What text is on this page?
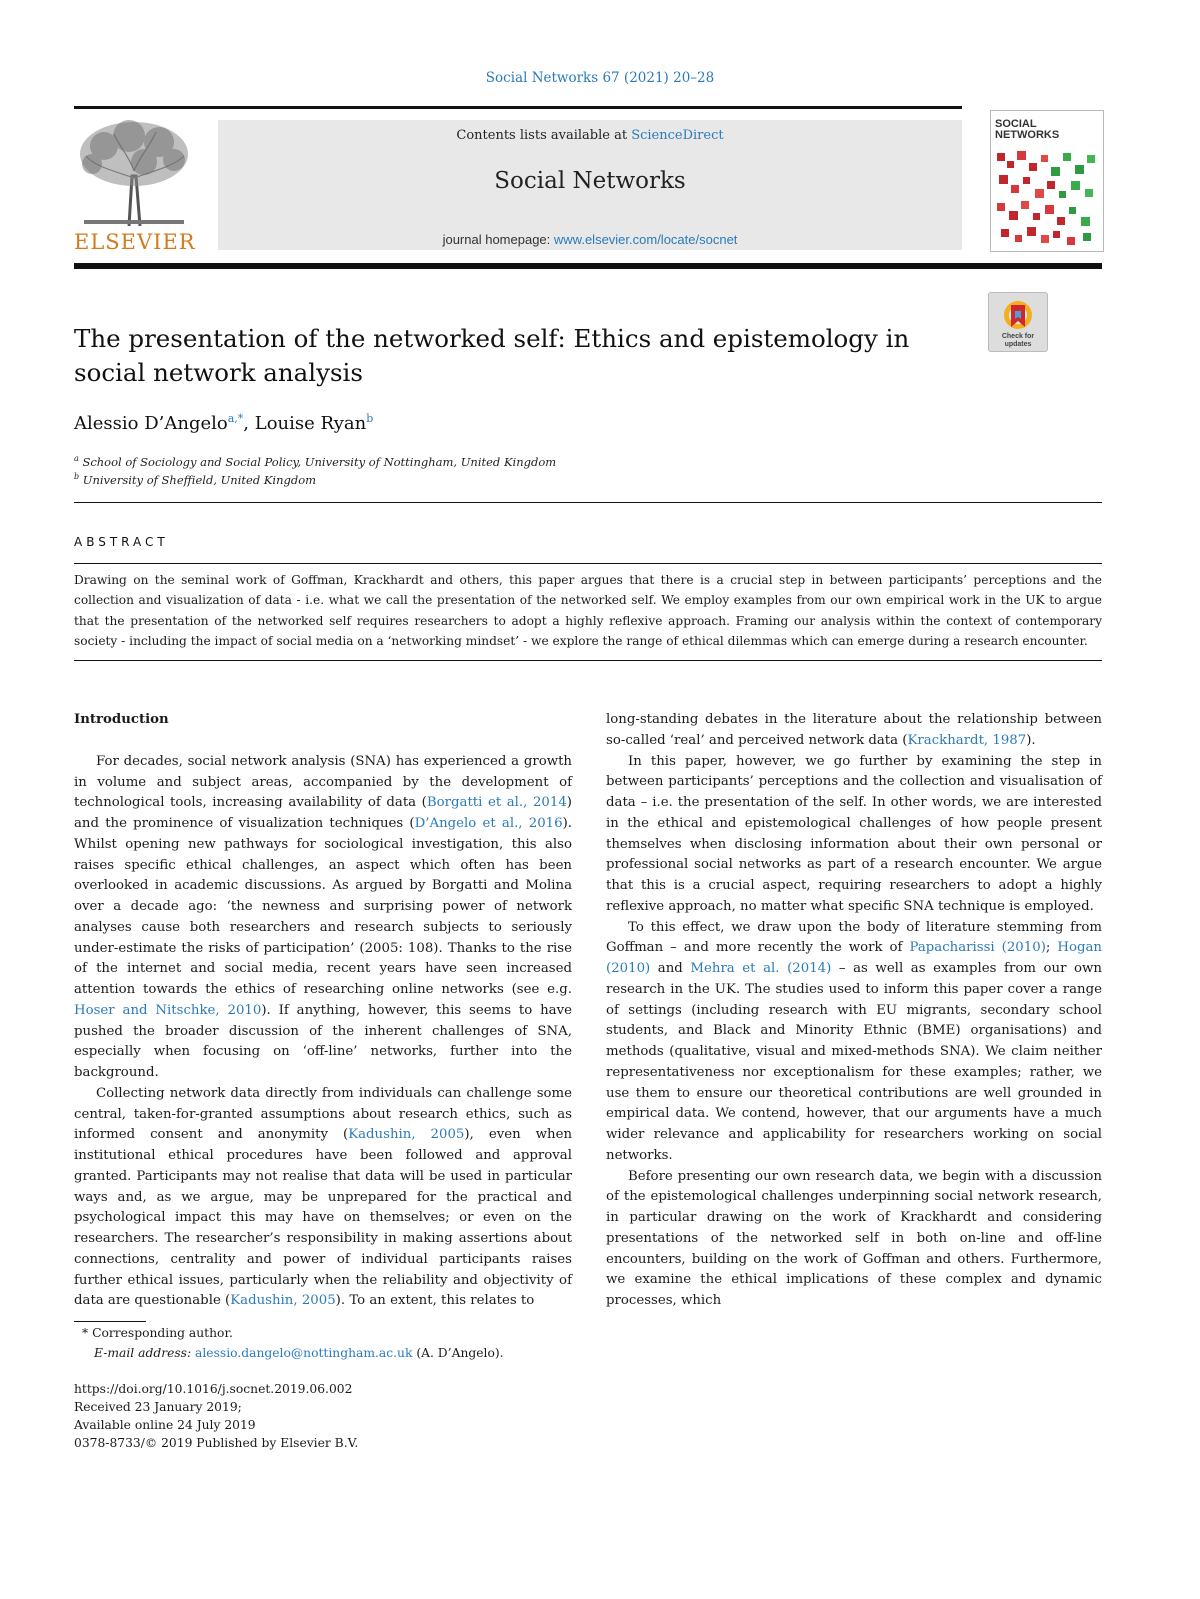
Social Networks 67 (2021) 20–28
ELSEVIER
Contents lists available at ScienceDirect
Social Networks
journal homepage: www.elsevier.com/locate/socnet
SOCIAL
NETWORKS
Check for updates
The presentation of the networked self: Ethics and epistemology in social network analysis
Alessio D’Angelo$^{a,*}$, Louise Ryan$^b$
$^a$ School of Sociology and Social Policy, University of Nottingham, United Kingdom
$^b$ University of Sheffield, United Kingdom
ABSTRACT
Drawing on the seminal work of Goffman, Krackhardt and others, this paper argues that there is a crucial step in between participants’ perceptions and the collection and visualization of data - i.e. what we call the presentation of the networked self. We employ examples from our own empirical work in the UK to argue that the presentation of the networked self requires researchers to adopt a highly reflexive approach. Framing our analysis within the context of contemporary society - including the impact of social media on a ‘networking mindset’ - we explore the range of ethical dilemmas which can emerge during a research encounter.
Introduction

For decades, social network analysis (SNA) has experienced a growth in volume and subject areas, accompanied by the development of technological tools, increasing availability of data (Borgatti et al., 2014) and the prominence of visualization techniques (D’Angelo et al., 2016). Whilst opening new pathways for sociological investigation, this also raises specific ethical challenges, an aspect which often has been overlooked in academic discussions. As argued by Borgatti and Molina over a decade ago: ‘the newness and surprising power of network analyses cause both researchers and research subjects to seriously under-estimate the risks of participation’ (2005: 108). Thanks to the rise of the internet and social media, recent years have seen increased attention towards the ethics of researching online networks (see e.g. Hoser and Nitschke, 2010). If anything, however, this seems to have pushed the broader discussion of the inherent challenges of SNA, especially when focusing on ‘off-line’ networks, further into the background.

Collecting network data directly from individuals can challenge some central, taken-for-granted assumptions about research ethics, such as informed consent and anonymity (Kadushin, 2005), even when institutional ethical procedures have been followed and approval granted. Participants may not realise that data will be used in particular ways and, as we argue, may be unprepared for the practical and psychological impact this may have on themselves; or even on the researchers. The researcher’s responsibility in making assertions about connections, centrality and power of individual participants raises further ethical issues, particularly when the reliability and objectivity of data are questionable (Kadushin, 2005). To an extent, this relates to

long-standing debates in the literature about the relationship between so-called ‘real’ and perceived network data (Krackhardt, 1987).

In this paper, however, we go further by examining the step in between participants’ perceptions and the collection and visualisation of data – i.e. the presentation of the self. In other words, we are interested in the ethical and epistemological challenges of how people present themselves when disclosing information about their own personal or professional social networks as part of a research encounter. We argue that this is a crucial aspect, requiring researchers to adopt a highly reflexive approach, no matter what specific SNA technique is employed.

To this effect, we draw upon the body of literature stemming from Goffman – and more recently the work of Papacharissi (2010); Hogan (2010) and Mehra et al. (2014) – as well as examples from our own research in the UK. The studies used to inform this paper cover a range of settings (including research with EU migrants, secondary school students, and Black and Minority Ethnic (BME) organisations) and methods (qualitative, visual and mixed-methods SNA). We claim neither representativeness nor exceptionalism for these examples; rather, we use them to ensure our theoretical contributions are well grounded in empirical data. We contend, however, that our arguments have a much wider relevance and applicability for researchers working on social networks.

Before presenting our own research data, we begin with a discussion of the epistemological challenges underpinning social network research, in particular drawing on the work of Krackhardt and considering presentations of the networked self in both on-line and off-line encounters, building on the work of Goffman and others. Furthermore, we examine the ethical implications of these complex and dynamic processes, which

* Corresponding author.
E-mail address: alessio.dangelo@nottingham.ac.uk (A. D’Angelo).
https://doi.org/10.1016/j.socnet.2019.06.002
Received 23 January 2019;
Available online 24 July 2019
0378-8733/© 2019 Published by Elsevier B.V.
